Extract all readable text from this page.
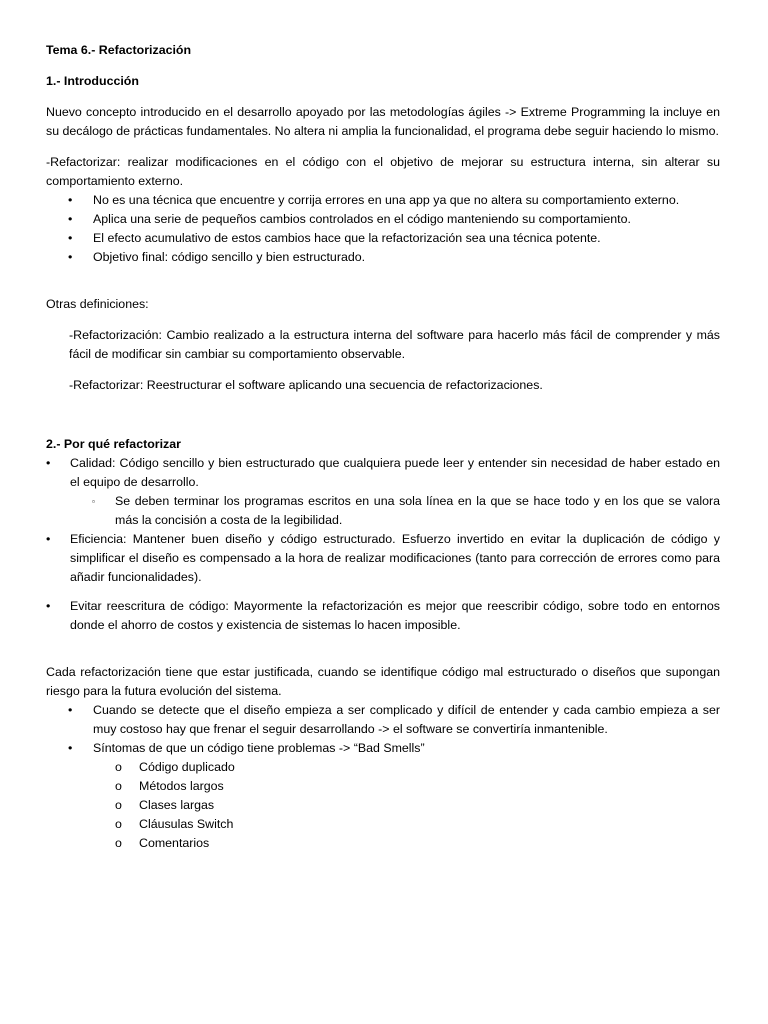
Tema 6.- Refactorización

1.- Introducción

Nuevo concepto introducido en el desarrollo apoyado por las metodologías ágiles -> Extreme Programming la incluye en su decálogo de prácticas fundamentales. No altera ni amplia la funcionalidad, el programa debe seguir haciendo lo mismo.

-Refactorizar: realizar modificaciones en el código con el objetivo de mejorar su estructura interna, sin alterar su comportamiento externo.

• No es una técnica que encuentre y corrija errores en una app ya que no altera su comportamiento externo.
• Aplica una serie de pequeños cambios controlados en el código manteniendo su comportamiento.
• El efecto acumulativo de estos cambios hace que la refactorización sea una técnica potente.
• Objetivo final: código sencillo y bien estructurado.

Otras definiciones:

-Refactorización: Cambio realizado a la estructura interna del software para hacerlo más fácil de comprender y más fácil de modificar sin cambiar su comportamiento observable.

-Refactorizar: Reestructurar el software aplicando una secuencia de refactorizaciones.

2.- Por qué refactorizar

• Calidad: Código sencillo y bien estructurado que cualquiera puede leer y entender sin necesidad de haber estado en el equipo de desarrollo.
▫ Se deben terminar los programas escritos en una sola línea en la que se hace todo y en los que se valora más la concisión a costa de la legibilidad.
• Eficiencia: Mantener buen diseño y código estructurado. Esfuerzo invertido en evitar la duplicación de código y simplificar el diseño es compensado a la hora de realizar modificaciones (tanto para corrección de errores como para añadir funcionalidades).
• Evitar reescritura de código: Mayormente la refactorización es mejor que reescribir código, sobre todo en entornos donde el ahorro de costos y existencia de sistemas lo hacen imposible.

Cada refactorización tiene que estar justificada, cuando se identifique código mal estructurado o diseños que supongan riesgo para la futura evolución del sistema.

• Cuando se detecte que el diseño empieza a ser complicado y difícil de entender y cada cambio empieza a ser muy costoso hay que frenar el seguir desarrollando -> el software se convertiría inmantenible.
• Síntomas de que un código tiene problemas -> “Bad Smells”
o Código duplicado
o Métodos largos
o Clases largas
o Cláusulas Switch
o Comentarios
